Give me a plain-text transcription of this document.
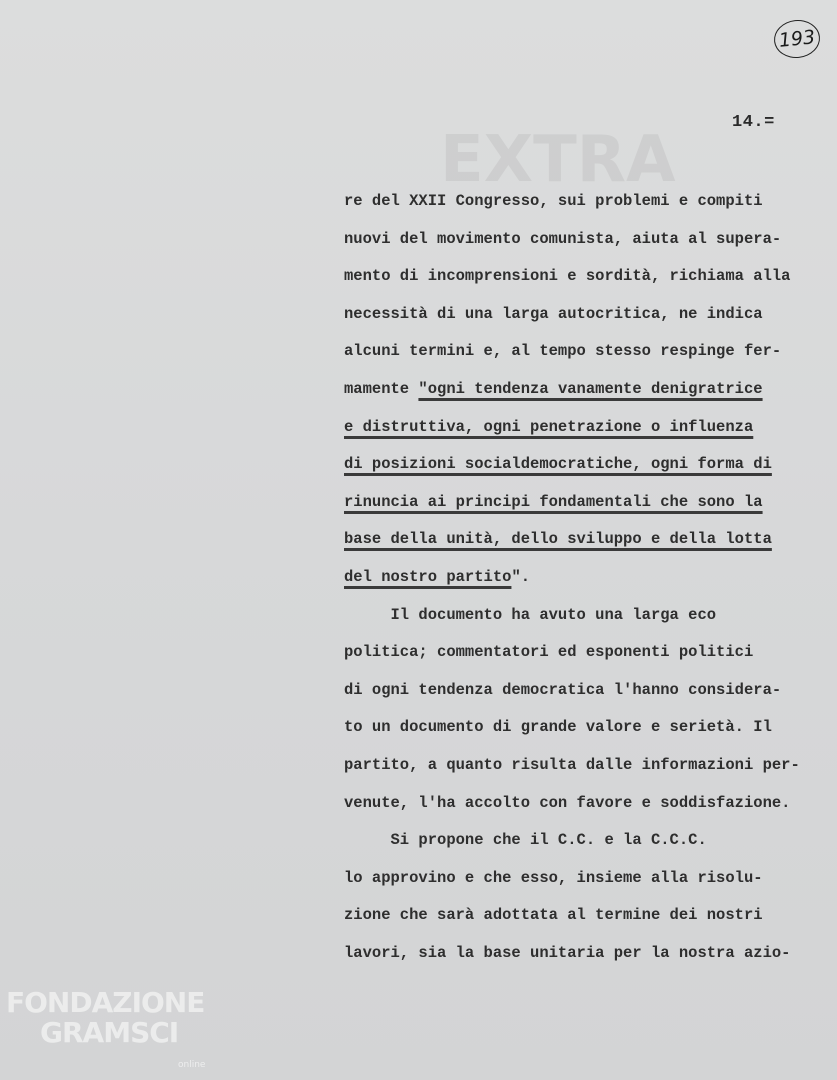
EXTRA
193
14.=
re del XXII Congresso, sui problemi e compiti
nuovi del movimento comunista, aiuta al supera-
mento di incomprensioni e sordità, richiama alla
necessità di una larga autocritica, ne indica
alcuni termini e, al tempo stesso respinge fer-
mamente "ogni tendenza vanamente denigratrice
e distruttiva, ogni penetrazione o influenza
di posizioni socialdemocratiche, ogni forma di
rinuncia ai principi fondamentali che sono la
base della unità, dello sviluppo e della lotta
del nostro partito".
Il documento ha avuto una larga eco
politica; commentatori ed esponenti politici
di ogni tendenza democratica l'hanno considera-
to un documento di grande valore e serietà. Il
partito, a quanto risulta dalle informazioni per-
venute, l'ha accolto con favore e soddisfazione.
Si propone che il C.C. e la C.C.C.
lo approvino e che esso, insieme alla risolu-
zione che sarà adottata al termine dei nostri
lavori, sia la base unitaria per la nostra azio-
FONDAZIONE
GRAMSCI
online
